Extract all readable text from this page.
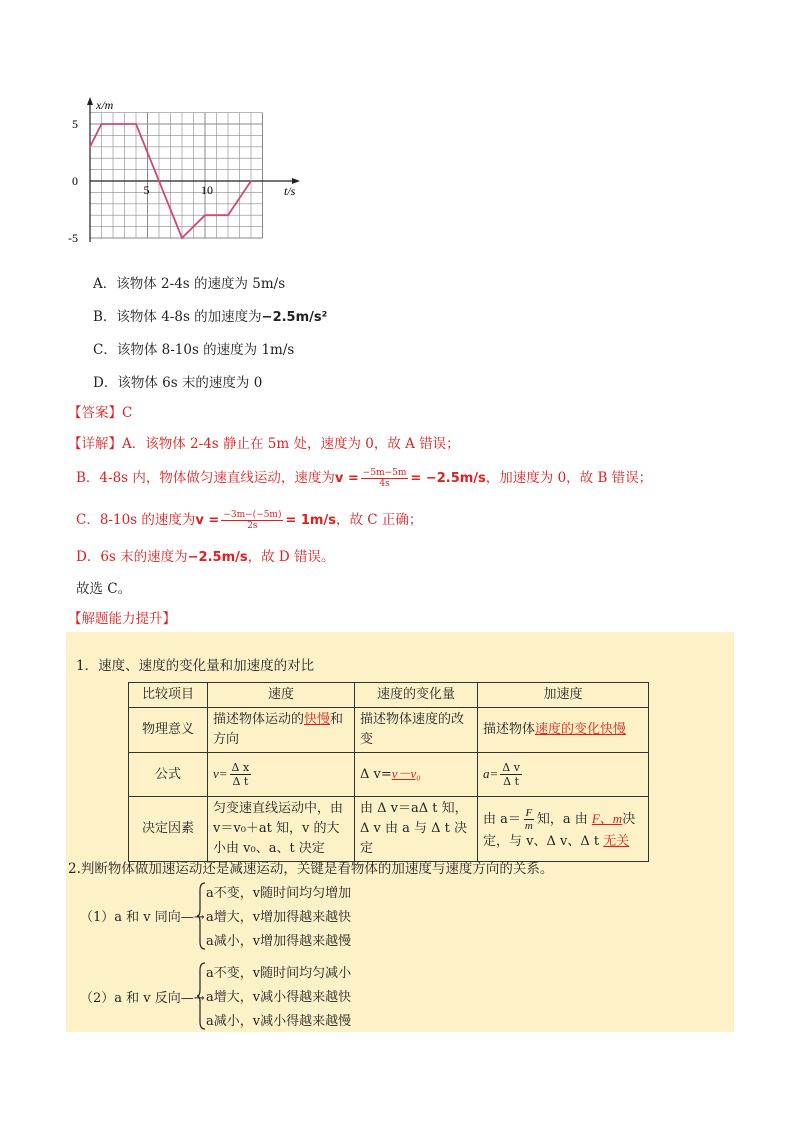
x/m
t/s
5	10
5
0
-5
A．该物体 2-4s 的速度为 5m/s
B．该物体 4-8s 的加速度为−2.5m/s²
C．该物体 8-10s 的速度为 1m/s
D．该物体 6s 末的速度为 0
【答案】C
【详解】A．该物体 2-4s 静止在 5m 处，速度为 0，故 A 错误；
B．4-8s 内，物体做匀速直线运动，速度为$v = \frac{-5m-5m}{4s} = -2.5m/s$，加速度为 0，故 B 错误；
C．8-10s 的速度为$v = \frac{-3m-(-5m)}{2s} = 1m/s$，故 C 正确；
D．6s 末的速度为−2.5m/s，故 D 错误。
故选 C。
【解题能力提升】
1．速度、速度的变化量和加速度的对比
比较项目	速度	速度的变化量	加速度
物理意义	描述物体运动的快慢和方向	描述物体速度的改变	描述物体速度的变化快慢
公式	$v= \frac{\text{Δ x}}{\text{Δ t}}$	Δ v=v－v₀	$a= \frac{\text{Δ v}}{\text{Δ t}}$

决定因素	匀变速直线运动中，由 v＝v₀＋at 知，v 的大小由 v₀、a、t 决定	由 Δ v＝aΔ t 知，Δ v 由 a 与 Δ t 决定	由 $a= \frac{F}{m}$ 知，a 由 F、m决定，与 v、Δ v、Δ t 无关
2.判断物体做加速运动还是减速运动，关键是看物体的加速度与速度方向的关系。
（1）a 和 v 同向—→
a不变，v随时间均匀增加
a增大，v增加得越来越快
a减小，v增加得越来越慢
（2）a 和 v 反向—→
a不变，v随时间均匀减小
a增大，v减小得越来越快
a减小，v减小得越来越慢
